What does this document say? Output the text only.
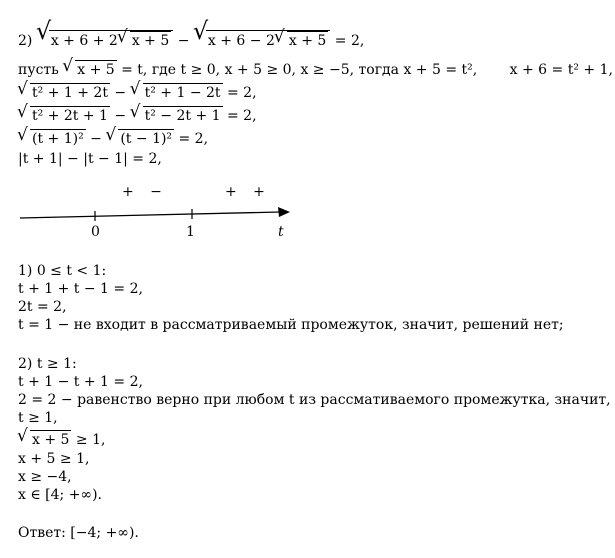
2) √ x + 6 + 2 √ x + 5 − √ x + 6 − 2 √ x + 5 = 2,
пусть √ x + 5 = t, где t ≥ 0, x + 5 ≥ 0, x ≥ −5, тогда x + 5 = t², x + 6 = t² + 1,
√ t² + 1 + 2t − √ t² + 1 − 2t = 2,
√ t² + 2t + 1 − √ t² − 2t + 1 = 2,
√ (t + 1)² − √ (t − 1)² = 2,
|t + 1| − |t − 1| = 2,
+ −	+ +
0	1	t
1) 0 ≤ t < 1:
t + 1 + t − 1 = 2,
2t = 2,
t = 1 − не входит в рассматриваемый промежуток, значит, решений нет;
2) t ≥ 1:
t + 1 − t + 1 = 2,
2 = 2 − равенство верно при любом t из рассмативаемого промежутка, значит,
t ≥ 1,
√ x + 5 ≥ 1,
x + 5 ≥ 1,
x ≥ −4,
x ∈ [4; +∞).
Ответ: [−4; +∞).
